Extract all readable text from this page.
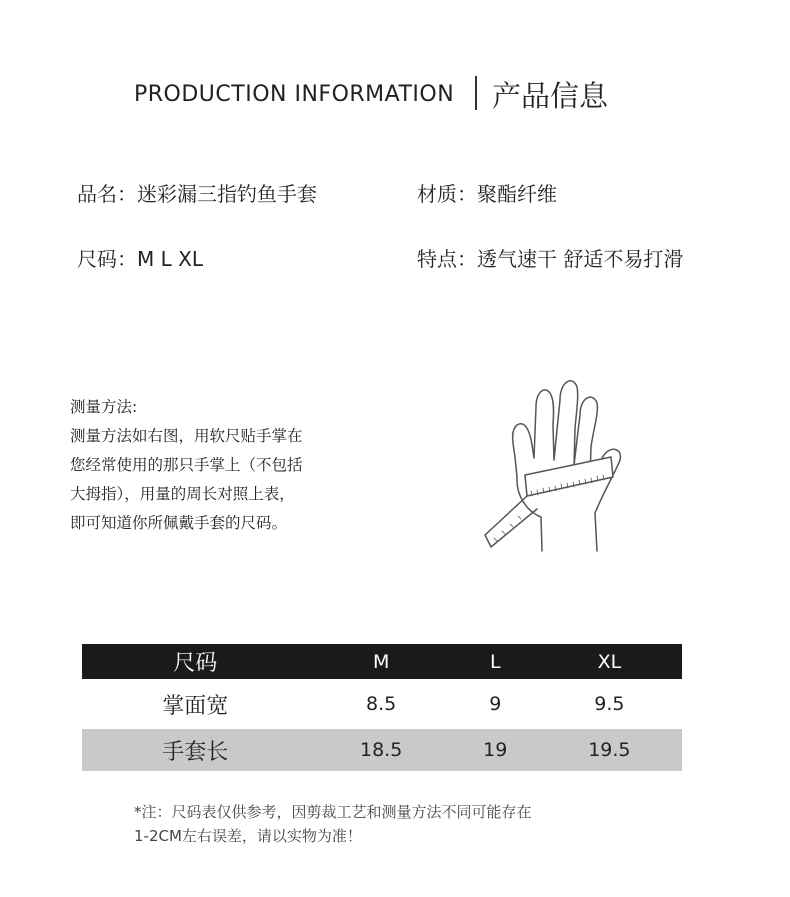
PRODUCTION INFORMATION 产品信息
品名：迷彩漏三指钓鱼手套	材质：聚酯纤维
尺码：M L XL	特点：透气速干 舒适不易打滑
测量方法:
测量方法如右图，用软尺贴手掌在
您经常使用的那只手掌上（不包括
大拇指），用量的周长对照上表，
即可知道你所佩戴手套的尺码。
尺码	M	L	XL
掌面宽	8.5	9	9.5
手套长	18.5	19	19.5
*注：尺码表仅供参考，因剪裁工艺和测量方法不同可能存在
1-2CM左右误差，请以实物为准！
